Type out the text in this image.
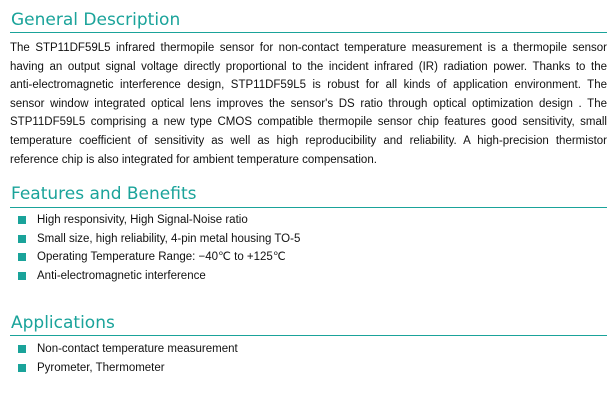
General Description

The STP11DF59L5 infrared thermopile sensor for non-contact temperature measurement is a thermopile sensor
having an output signal voltage directly proportional to the incident infrared (IR) radiation power. Thanks to the
anti-electromagnetic interference design, STP11DF59L5 is robust for all kinds of application environment. The
sensor window integrated optical lens improves the sensor's DS ratio through optical optimization design . The
STP11DF59L5 comprising a new type CMOS compatible thermopile sensor chip features good sensitivity, small
temperature coefficient of sensitivity as well as high reproducibility and reliability. A high-precision thermistor
reference chip is also integrated for ambient temperature compensation.

Features and Benefits
High responsivity, High Signal-Noise ratio
Small size, high reliability, 4-pin metal housing TO-5
Operating Temperature Range: −40℃ to +125℃
Anti-electromagnetic interference
Applications
Non-contact temperature measurement
Pyrometer, Thermometer
